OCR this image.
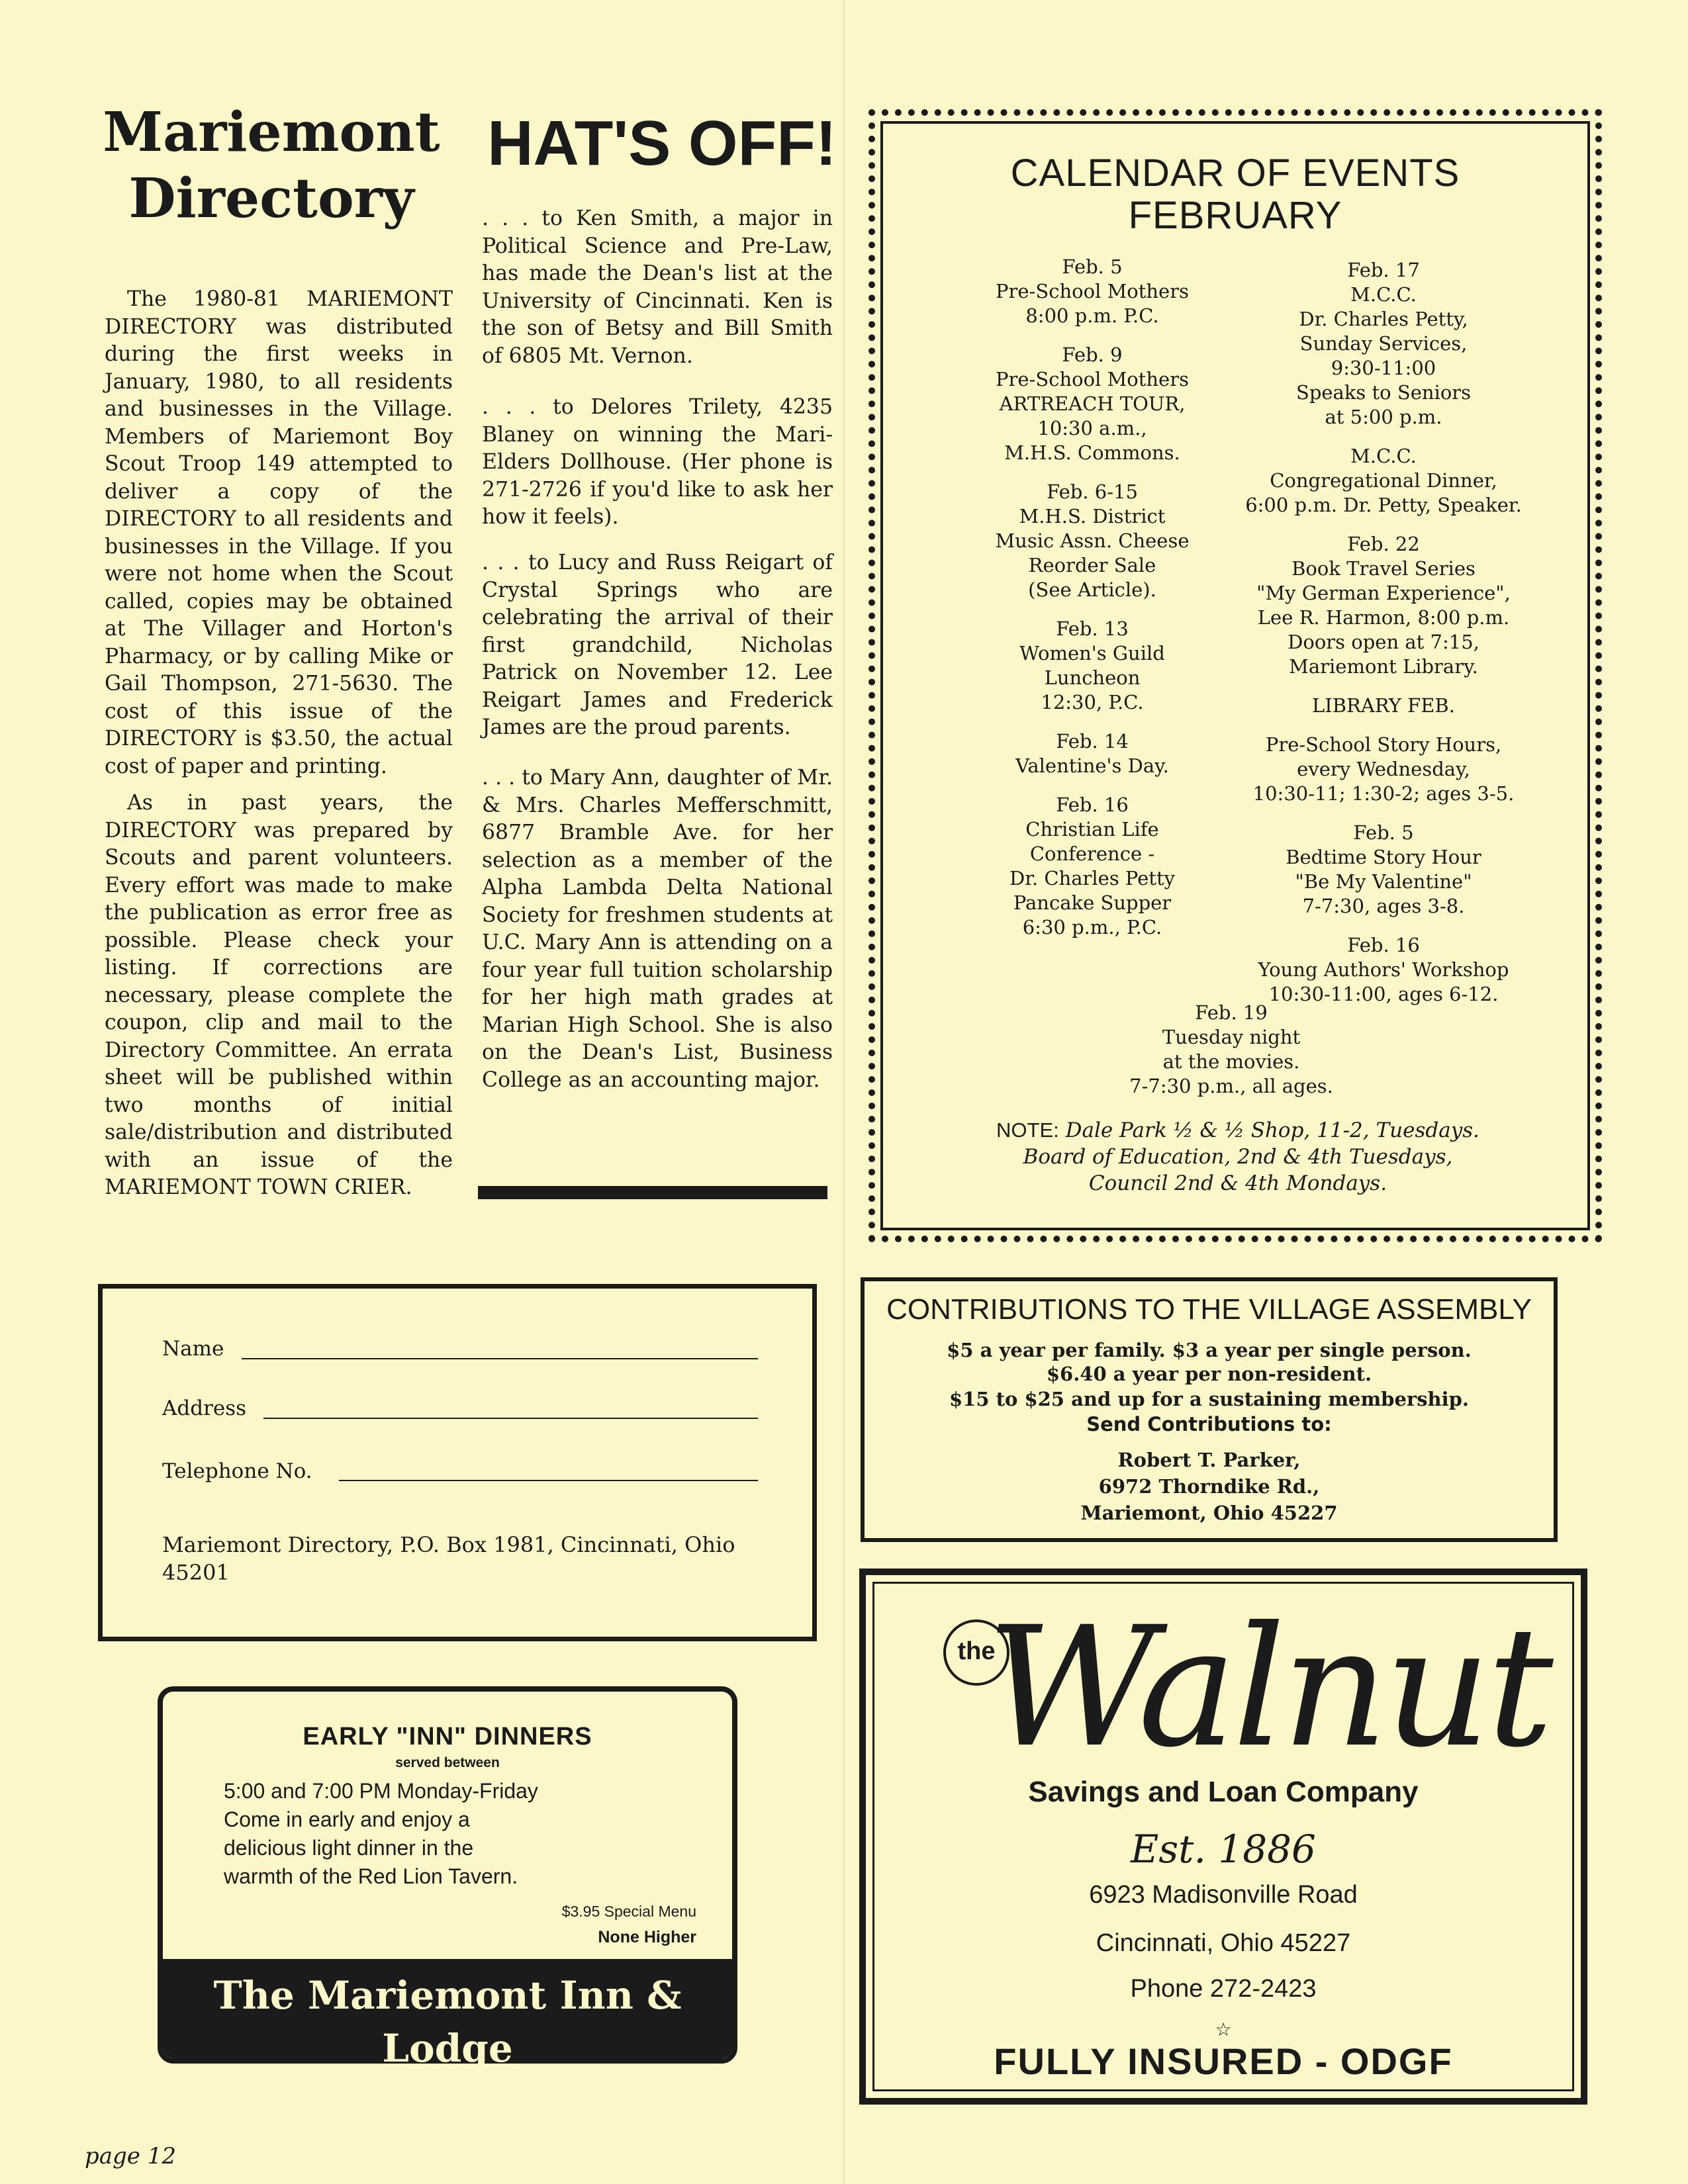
Mariemont
Directory

The 1980-81 MARIEMONT DIRECTORY was distributed during the first weeks in January, 1980, to all residents and businesses in the Village. Members of Mariemont Boy Scout Troop 149 attempted to deliver a copy of the DIRECTORY to all residents and businesses in the Village. If you were not home when the Scout called, copies may be obtained at The Villager and Horton's Pharmacy, or by calling Mike or Gail Thompson, 271-5630. The cost of this issue of the DIRECTORY is $3.50, the actual cost of paper and printing.

As in past years, the DIRECTORY was prepared by Scouts and parent volunteers. Every effort was made to make the publication as error free as possible. Please check your listing. If corrections are necessary, please complete the coupon, clip and mail to the Directory Committee. An errata sheet will be published within two months of initial sale/distribution and distributed with an issue of the MARIEMONT TOWN CRIER.

HAT'S OFF!

. . . to Ken Smith, a major in Political Science and Pre-Law, has made the Dean's list at the University of Cincinnati. Ken is the son of Betsy and Bill Smith of 6805 Mt. Vernon.

. . . to Delores Trilety, 4235 Blaney on winning the Mari-Elders Dollhouse. (Her phone is 271-2726 if you'd like to ask her how it feels).

. . . to Lucy and Russ Reigart of Crystal Springs who are celebrating the arrival of their first grandchild, Nicholas Patrick on November 12. Lee Reigart James and Frederick James are the proud parents.

. . . to Mary Ann, daughter of Mr. & Mrs. Charles Mefferschmitt, 6877 Bramble Ave. for her selection as a member of the Alpha Lambda Delta National Society for freshmen students at U.C. Mary Ann is attending on a four year full tuition scholarship for her high math grades at Marian High School. She is also on the Dean's List, Business College as an accounting major.

CALENDAR OF EVENTS
FEBRUARY
Feb. 5
Pre-School Mothers
8:00 p.m. P.C.
Feb. 9
Pre-School Mothers
ARTREACH TOUR,
10:30 a.m.,
M.H.S. Commons.
Feb. 6-15
M.H.S. District
Music Assn. Cheese
Reorder Sale
(See Article).
Feb. 13
Women's Guild
Luncheon
12:30, P.C.
Feb. 14
Valentine's Day.
Feb. 16
Christian Life
Conference -
Dr. Charles Petty
Pancake Supper
6:30 p.m., P.C.
Feb. 17
M.C.C.
Dr. Charles Petty,
Sunday Services,
9:30-11:00
Speaks to Seniors
at 5:00 p.m.
M.C.C.
Congregational Dinner,
6:00 p.m. Dr. Petty, Speaker.
Feb. 22
Book Travel Series
"My German Experience",
Lee R. Harmon, 8:00 p.m.
Doors open at 7:15,
Mariemont Library.
LIBRARY FEB.
Pre-School Story Hours,
every Wednesday,
10:30-11; 1:30-2; ages 3-5.
Feb. 5
Bedtime Story Hour
"Be My Valentine"
7-7:30, ages 3-8.
Feb. 16
Young Authors' Workshop
10:30-11:00, ages 6-12.
Feb. 19
Tuesday night
at the movies.
7-7:30 p.m., all ages.
NOTE: Dale Park ½ & ½ Shop, 11-2, Tuesdays.
Board of Education, 2nd & 4th Tuesdays,
Council 2nd & 4th Mondays.
Name
Address
Telephone No.
Mariemont Directory, P.O. Box 1981, Cincinnati, Ohio 45201
CONTRIBUTIONS TO THE VILLAGE ASSEMBLY
$5 a year per family. $3 a year per single person.
$6.40 a year per non-resident.
$15 to $25 and up for a sustaining membership.
Send Contributions to:
Robert T. Parker,
6972 Thorndike Rd.,
Mariemont, Ohio 45227
the
Walnut
Savings and Loan Company
Est. 1886
6923 Madisonville Road
Cincinnati, Ohio 45227
Phone 272-2423
☆
FULLY INSURED - ODGF
EARLY "INN" DINNERS
served between
5:00 and 7:00 PM Monday-Friday
Come in early and enjoy a
delicious light dinner in the
warmth of the Red Lion Tavern.
$3.95 Special Menu
None Higher
The Mariemont Inn & Lodge
page 12
